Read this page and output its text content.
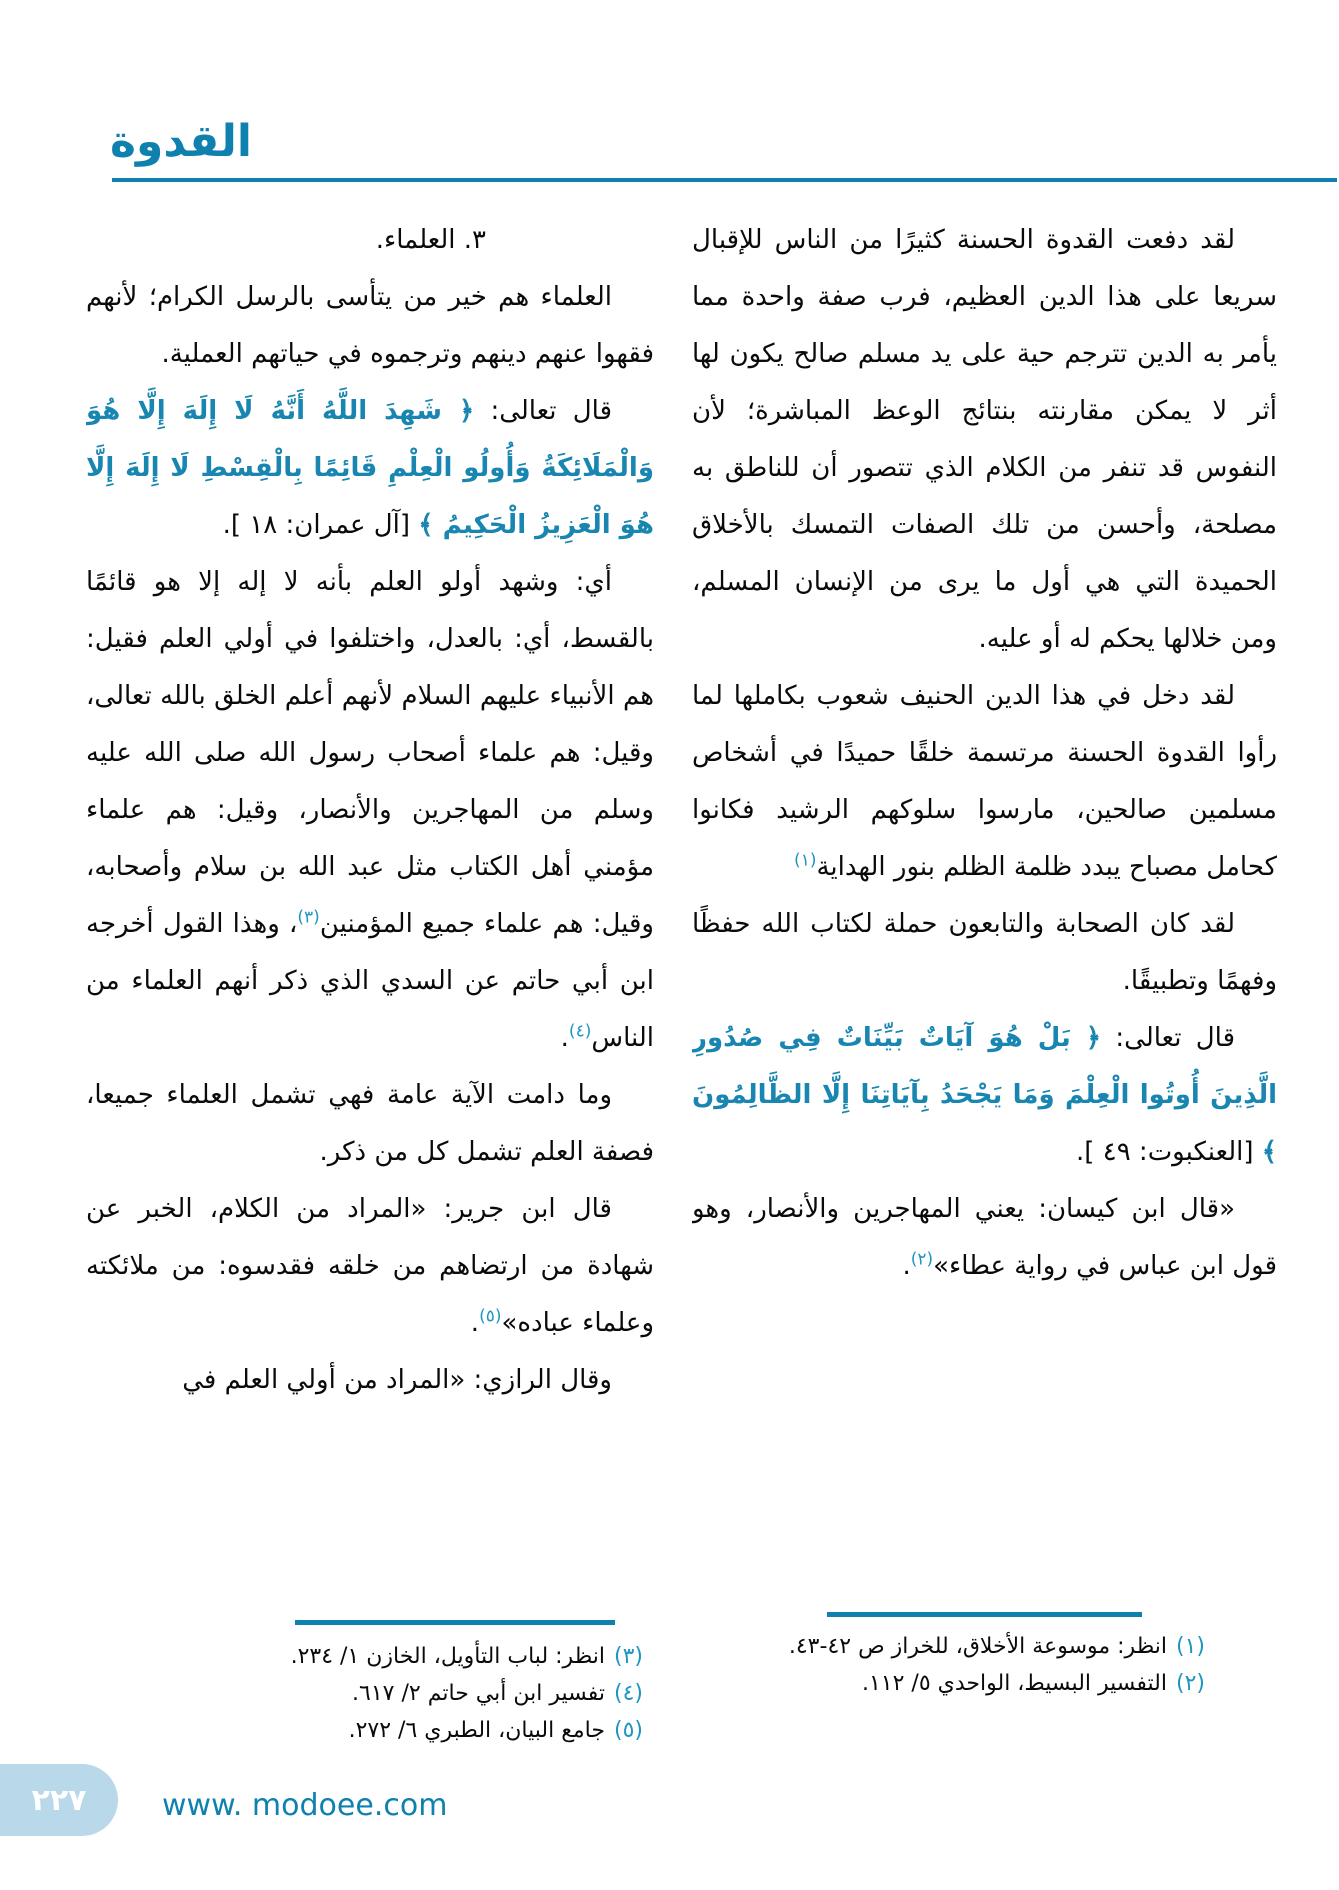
القدوة

لقد دفعت القدوة الحسنة كثيرًا من الناس للإقبال سريعا على هذا الدين العظيم، فرب صفة واحدة مما يأمر به الدين تترجم حية على يد مسلم صالح يكون لها أثر لا يمكن مقارنته بنتائج الوعظ المباشرة؛ لأن النفوس قد تنفر من الكلام الذي تتصور أن للناطق به مصلحة، وأحسن من تلك الصفات التمسك بالأخلاق الحميدة التي هي أول ما يرى من الإنسان المسلم، ومن خلالها يحكم له أو عليه.

لقد دخل في هذا الدين الحنيف شعوب بكاملها لما رأوا القدوة الحسنة مرتسمة خلقًا حميدًا في أشخاص مسلمين صالحين، مارسوا سلوكهم الرشيد فكانوا كحامل مصباح يبدد ظلمة الظلم بنور الهداية$^{(١)}$

لقد كان الصحابة والتابعون حملة لكتاب الله حفظًا وفهمًا وتطبيقًا.

قال تعالى: ﴿ بَلْ هُوَ آيَاتٌ بَيِّنَاتٌ فِي صُدُورِ الَّذِينَ أُوتُوا الْعِلْمَ وَمَا يَجْحَدُ بِآيَاتِنَا إِلَّا الظَّالِمُونَ ﴾ [العنكبوت: ٤٩ ].

«قال ابن كيسان: يعني المهاجرين والأنصار، وهو قول ابن عباس في رواية عطاء»$^{(٢)}$.

٣. العلماء.

العلماء هم خير من يتأسى بالرسل الكرام؛ لأنهم فقهوا عنهم دينهم وترجموه في حياتهم العملية.

قال تعالى: ﴿ شَهِدَ اللَّهُ أَنَّهُ لَا إِلَهَ إِلَّا هُوَ وَالْمَلَائِكَةُ وَأُولُو الْعِلْمِ قَائِمًا بِالْقِسْطِ لَا إِلَهَ إِلَّا هُوَ الْعَزِيزُ الْحَكِيمُ ﴾ [آل عمران: ١٨ ].

أي: وشهد أولو العلم بأنه لا إله إلا هو قائمًا بالقسط، أي: بالعدل، واختلفوا في أولي العلم فقيل: هم الأنبياء عليهم السلام لأنهم أعلم الخلق بالله تعالى، وقيل: هم علماء أصحاب رسول الله صلى الله عليه وسلم من المهاجرين والأنصار، وقيل: هم علماء مؤمني أهل الكتاب مثل عبد الله بن سلام وأصحابه، وقيل: هم علماء جميع المؤمنين$^{(٣)}$، وهذا القول أخرجه ابن أبي حاتم عن السدي الذي ذكر أنهم العلماء من الناس$^{(٤)}$.

وما دامت الآية عامة فهي تشمل العلماء جميعا، فصفة العلم تشمل كل من ذكر.

قال ابن جرير: «المراد من الكلام، الخبر عن شهادة من ارتضاهم من خلقه فقدسوه: من ملائكته وعلماء عباده»$^{(٥)}$.

وقال الرازي: «المراد من أولي العلم في

(١)
انظر: موسوعة الأخلاق، للخراز ص ٤٢-٤٣.
(٢)
التفسير البسيط، الواحدي ٥/ ١١٢.
(٣)
انظر: لباب التأويل، الخازن ١/ ٢٣٤.
(٤)
تفسير ابن أبي حاتم ٢/ ٦١٧.
(٥)
جامع البيان، الطبري ٦/ ٢٧٢.
٢٢٧	www. modoee.com
